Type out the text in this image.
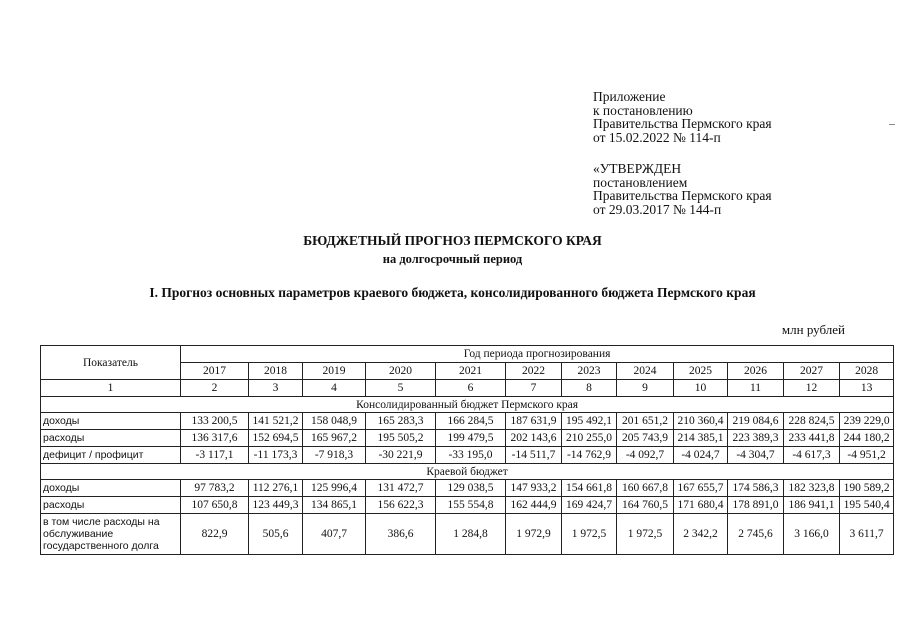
Приложение
к постановлению
Правительства Пермского края
от 15.02.2022 № 114-п
«УТВЕРЖДЕН
постановлением
Правительства Пермского края
от 29.03.2017 № 144-п
БЮДЖЕТНЫЙ ПРОГНОЗ ПЕРМСКОГО КРАЯ
на долгосрочный период
I. Прогноз основных параметров краевого бюджета, консолидированного бюджета Пермского края
млн рублей
Показатель	Год периода прогнозирования											
	2017	2018	2019	2020	2021	2022	2023	2024	2025	2026	2027	2028
1	2	3	4	5	6	7	8	9	10	11	12	13
Консолидированный бюджет Пермского края												
доходы	133 200,5	141 521,2	158 048,9	165 283,3	166 284,5	187 631,9	195 492,1	201 651,2	210 360,4	219 084,6	228 824,5	239 229,0
расходы	136 317,6	152 694,5	165 967,2	195 505,2	199 479,5	202 143,6	210 255,0	205 743,9	214 385,1	223 389,3	233 441,8	244 180,2
дефицит / профицит	-3 117,1	-11 173,3	-7 918,3	-30 221,9	-33 195,0	-14 511,7	-14 762,9	-4 092,7	-4 024,7	-4 304,7	-4 617,3	-4 951,2
Краевой бюджет												
доходы	97 783,2	112 276,1	125 996,4	131 472,7	129 038,5	147 933,2	154 661,8	160 667,8	167 655,7	174 586,3	182 323,8	190 589,2
расходы	107 650,8	123 449,3	134 865,1	156 622,3	155 554,8	162 444,9	169 424,7	164 760,5	171 680,4	178 891,0	186 941,1	195 540,4
в том числе расходы на обслуживание государственного долга	822,9	505,6	407,7	386,6	1 284,8	1 972,9	1 972,5	1 972,5	2 342,2	2 745,6	3 166,0	3 611,7
